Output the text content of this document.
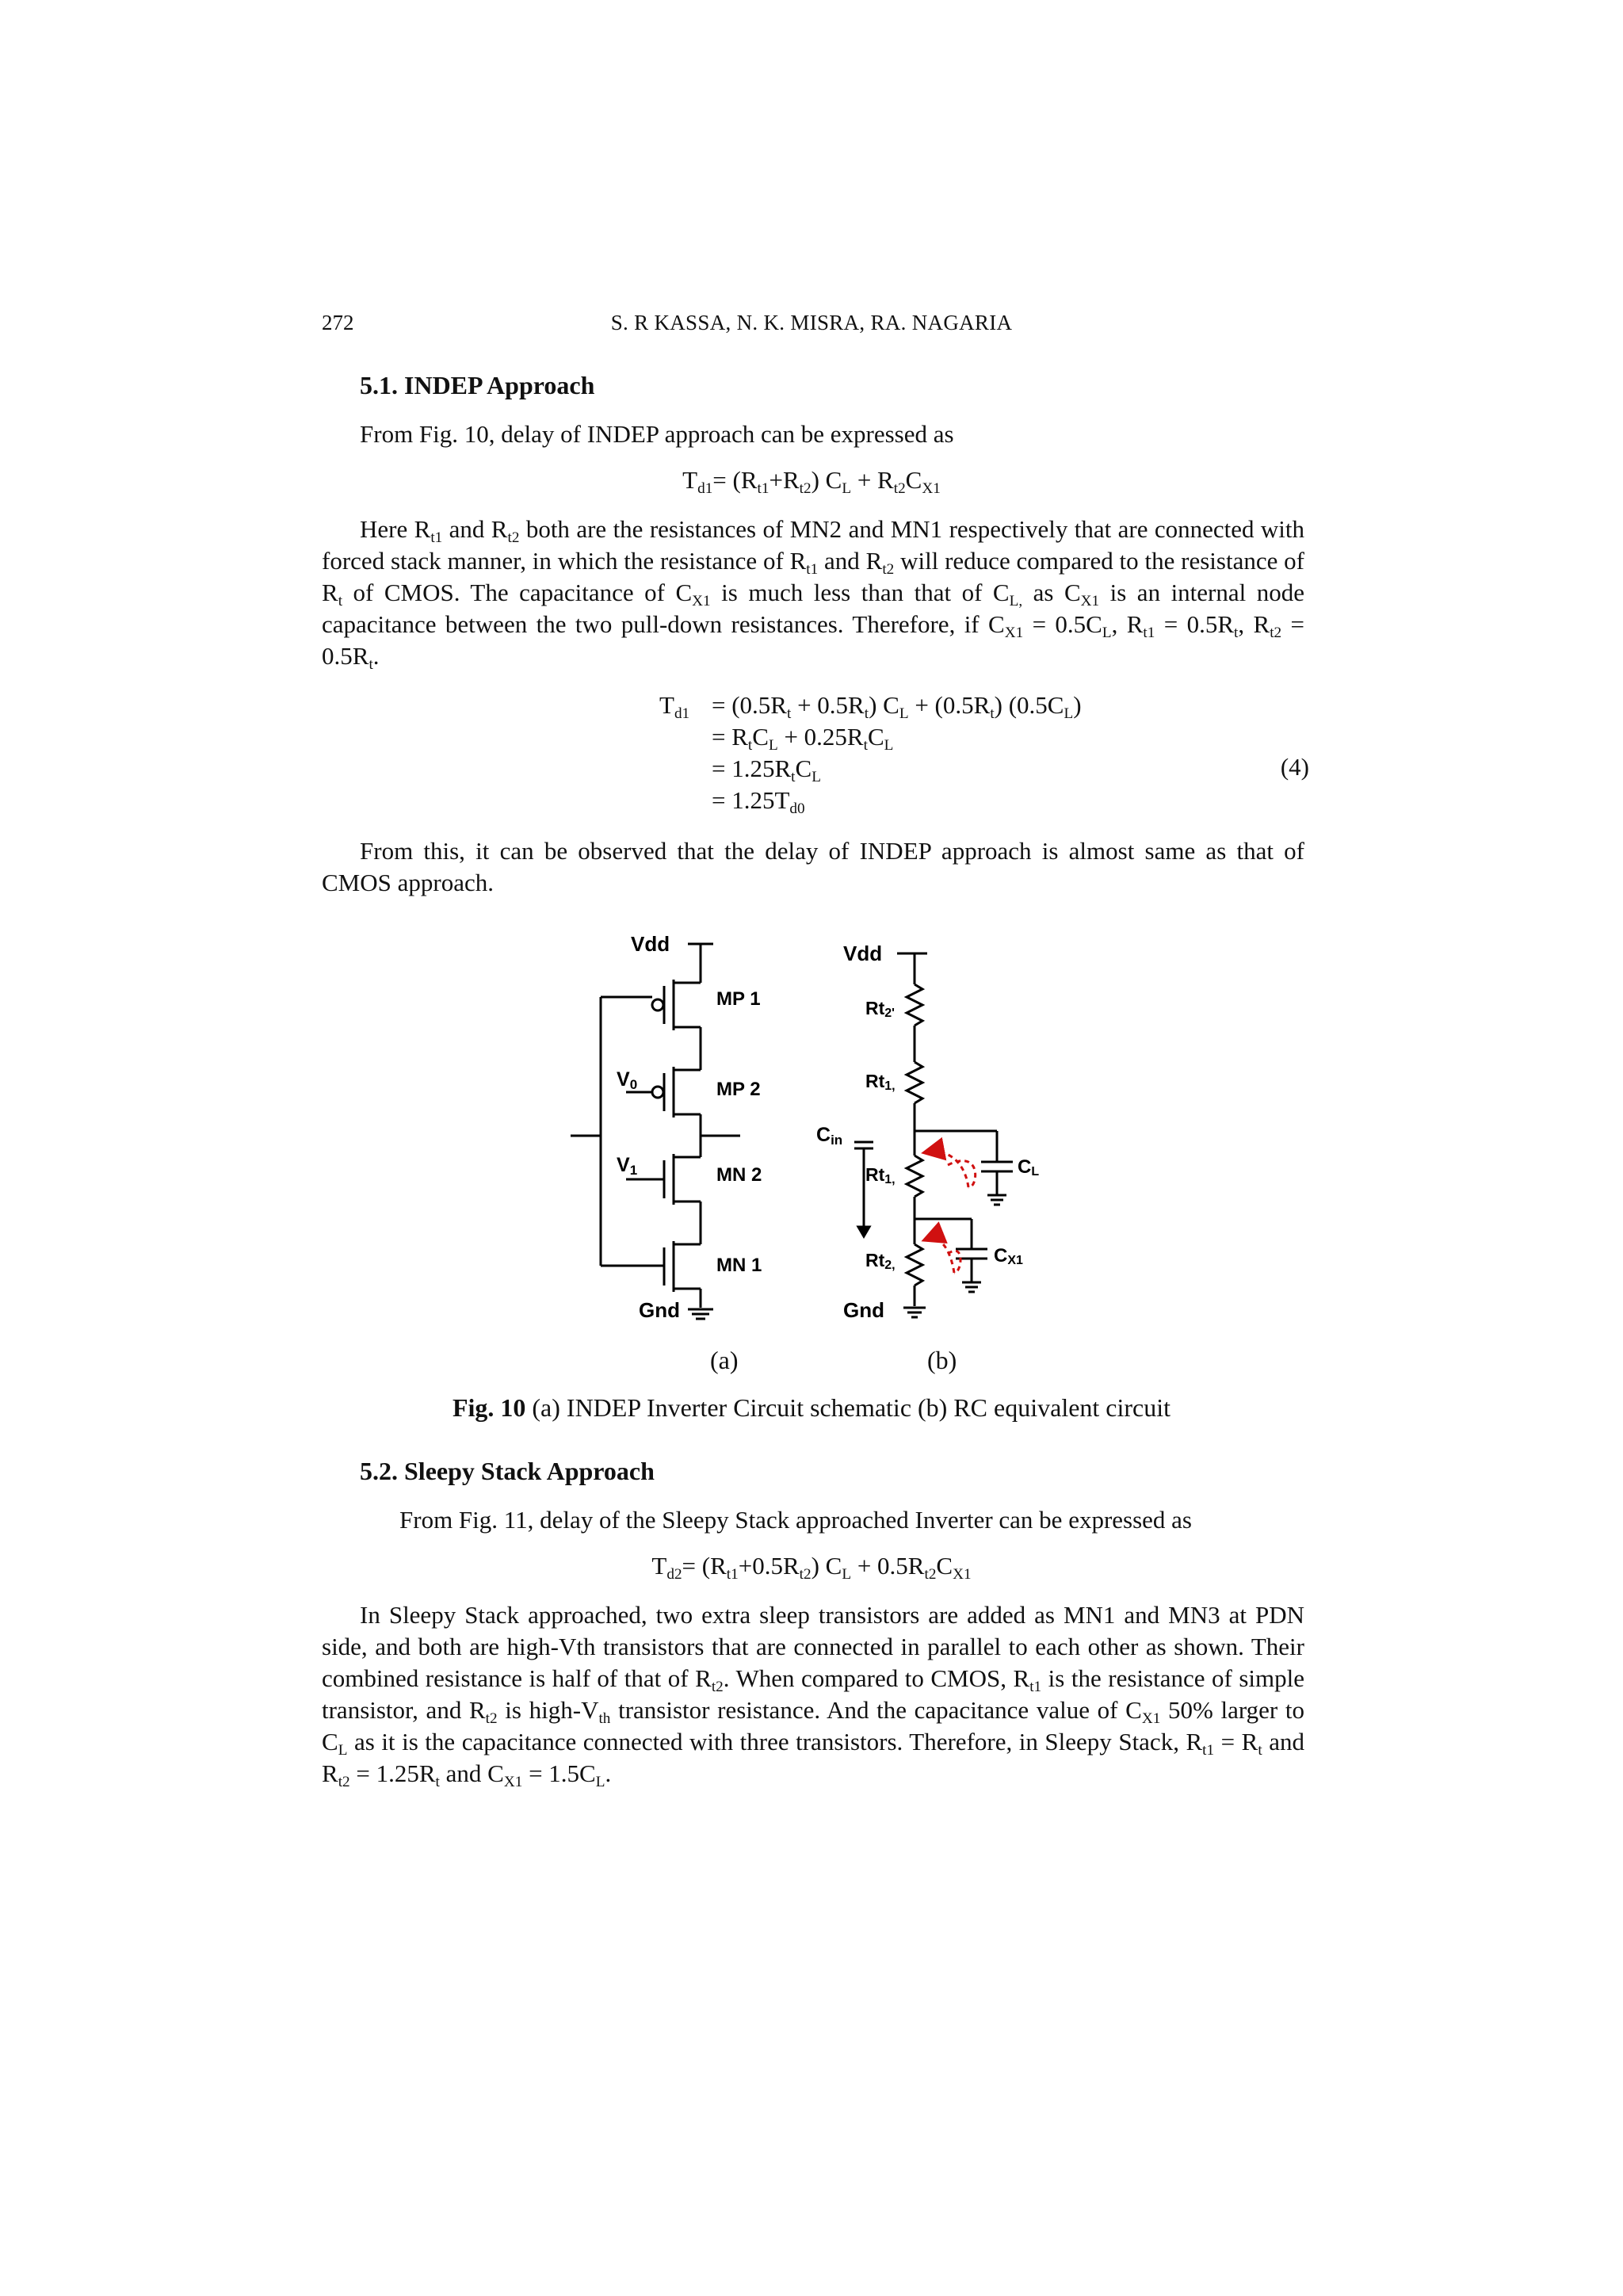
272	S. R KASSA, N. K. MISRA, RA. NAGARIA
5.1. INDEP Approach
From Fig. 10, delay of INDEP approach can be expressed as
$T_{d1}= (R_{t1}+R_{t2}) C_L + R_{t2}C_{X1}$

Here $R_{t1}$ and $R_{t2}$ both are the resistances of MN2 and MN1 respectively that are connected with forced stack manner, in which the resistance of $R_{t1}$ and $R_{t2}$ will reduce compared to the resistance of $R_t$ of CMOS. The capacitance of $C_{X1}$ is much less than that of $C_{L,}$ as $C_{X1}$ is an internal node capacitance between the two pull-down resistances. Therefore, if $C_{X1} = 0.5C_L$, $R_{t1} = 0.5R_t$, $R_{t2} = 0.5R_t$.

$T_{d1} = (0.5R_t + 0.5R_t) C_L + (0.5R_t)$ $(0.5C_L)$
= $R_tC_L + 0.25R_tC_L$
= $1.25R_tC_L$
= $1.25T_{d0}$
(4)

From this, it can be observed that the delay of INDEP approach is almost same as that of CMOS approach.

Vdd
MP 1
MP 2
MN 2
MN 1
V0
V1
Gnd
Vdd
Rt2'
Rt1,
Rt1,
Rt2,
Cin
CL
CX1
Gnd
(a)	(b)
Fig. 10 (a) INDEP Inverter Circuit schematic (b) RC equivalent circuit
5.2. Sleepy Stack Approach
From Fig. 11, delay of the Sleepy Stack approached Inverter can be expressed as
$T_{d2}= (R_{t1}+0.5R_{t2}) C_L + 0.5R_{t2}C_{X1}$

In Sleepy Stack approached, two extra sleep transistors are added as MN1 and MN3 at PDN side, and both are high-Vth transistors that are connected in parallel to each other as shown. Their combined resistance is half of that of $R_{t2}$. When compared to CMOS, $R_{t1}$ is the resistance of simple transistor, and $R_{t2}$ is high-$V_{th}$ transistor resistance. And the capacitance value of $C_{X1}$ 50% larger to $C_L$ as it is the capacitance connected with three transistors. Therefore, in Sleepy Stack, $R_{t1} = R_t$ and $R_{t2} = 1.25R_t$ and $C_{X1} = 1.5C_L$.
